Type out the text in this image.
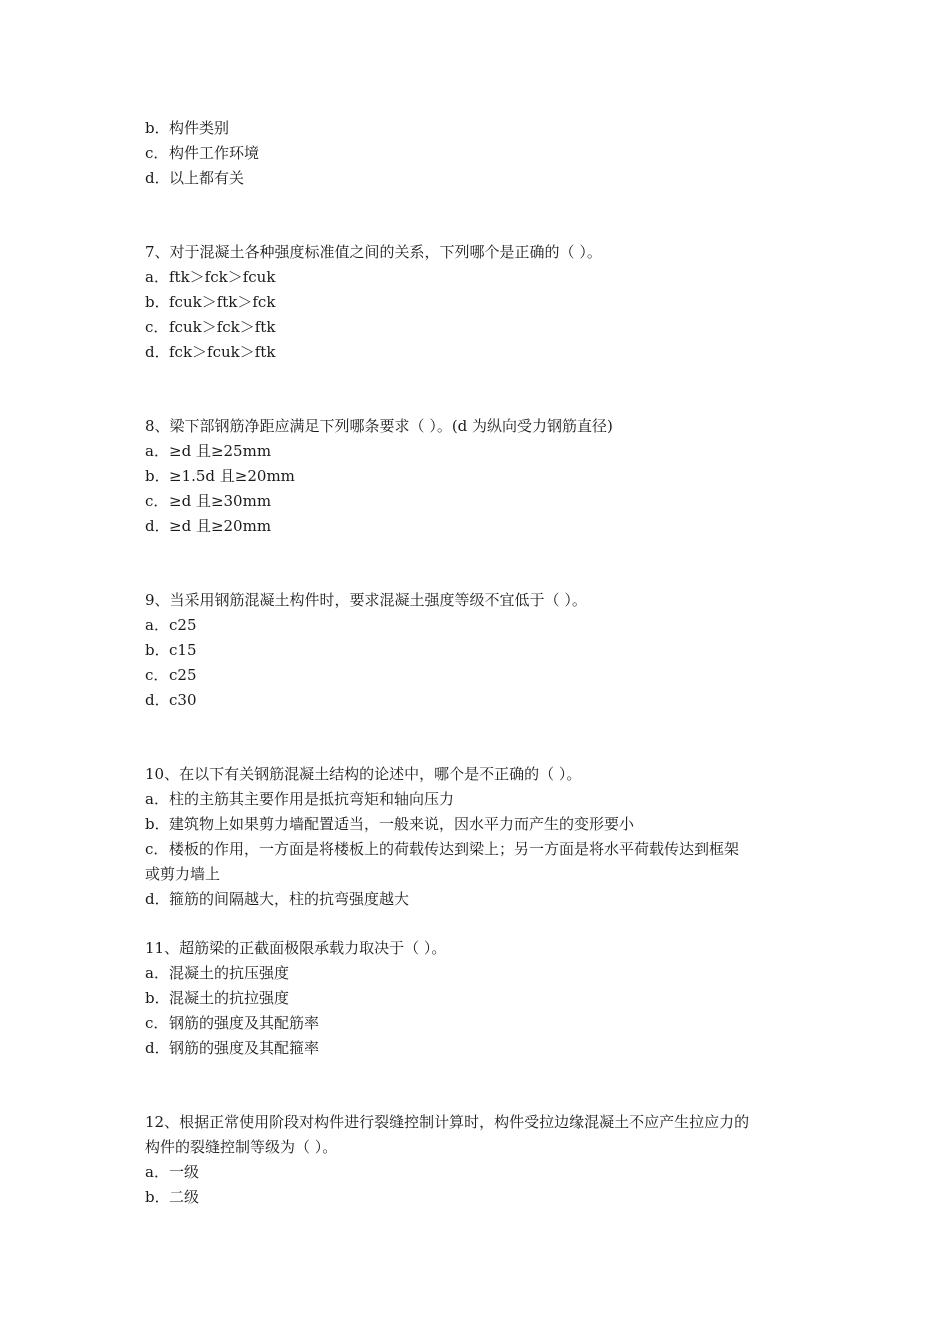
b．构件类别
c．构件工作环境
d．以上都有关
7、对于混凝土各种强度标准值之间的关系，下列哪个是正确的（ ）。
a．ftk＞fck＞fcuk
b．fcuk＞ftk＞fck
c．fcuk＞fck＞ftk
d．fck＞fcuk＞ftk
8、梁下部钢筋净距应满足下列哪条要求（ ）。(d 为纵向受力钢筋直径)
a．≥d 且≥25mm
b．≥1.5d 且≥20mm
c．≥d 且≥30mm
d．≥d 且≥20mm
9、当采用钢筋混凝土构件时，要求混凝土强度等级不宜低于（ ）。
a．c25
b．c15
c．c25
d．c30
10、在以下有关钢筋混凝土结构的论述中，哪个是不正确的（ ）。
a．柱的主筋其主要作用是抵抗弯矩和轴向压力
b．建筑物上如果剪力墙配置适当，一般来说，因水平力而产生的变形要小
c．楼板的作用，一方面是将楼板上的荷载传达到梁上；另一方面是将水平荷载传达到框架
或剪力墙上
d．箍筋的间隔越大，柱的抗弯强度越大
11、超筋梁的正截面极限承载力取决于（ ）。
a．混凝土的抗压强度
b．混凝土的抗拉强度
c．钢筋的强度及其配筋率
d．钢筋的强度及其配箍率
12、根据正常使用阶段对构件进行裂缝控制计算时，构件受拉边缘混凝土不应产生拉应力的
构件的裂缝控制等级为（ ）。
a．一级
b．二级
